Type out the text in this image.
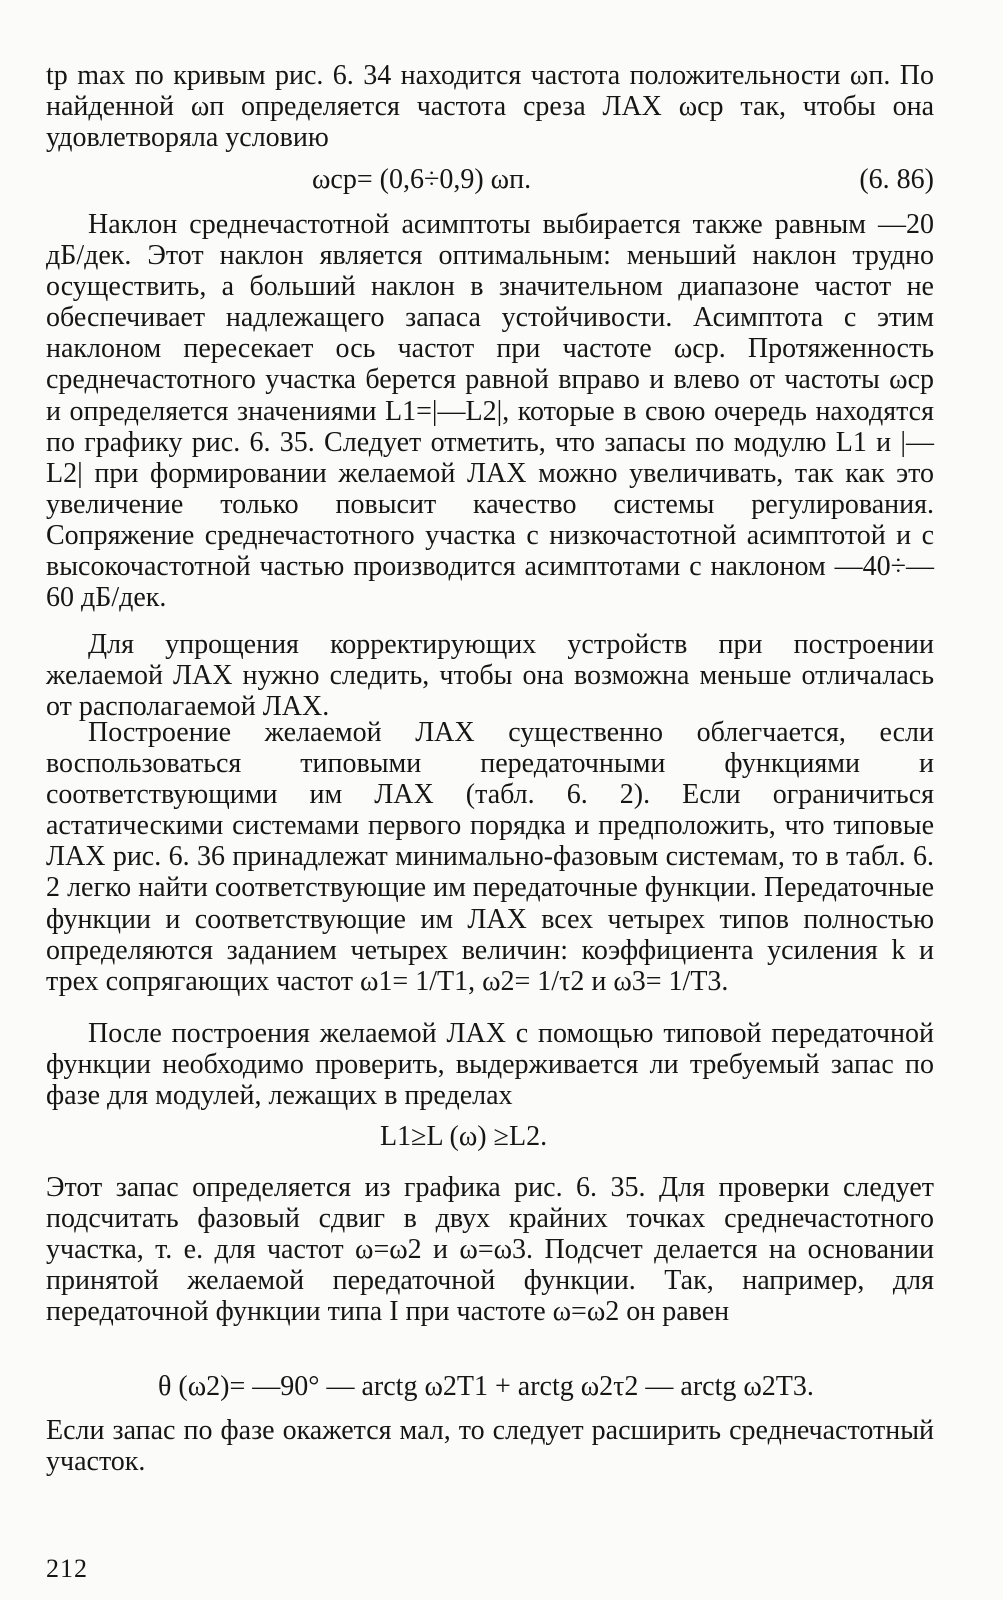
tр max по кривым рис. 6. 34 находится частота положительности ωп. По найденной ωп определяется частота среза ЛАХ ωср так, чтобы она удовлетворяла условию

ωср= (0,6÷0,9) ωп.	(6. 86)

Наклон среднечастотной асимптоты выбирается также равным —20 дБ/дек. Этот наклон является оптимальным: меньший наклон трудно осуществить, а больший наклон в значительном диапазоне частот не обеспечивает надлежащего запаса устойчивости. Асимптота с этим наклоном пересекает ось частот при частоте ωср. Протяженность среднечастотного участка берется равной вправо и влево от частоты ωср и определяется значениями L1=|—L2|, которые в свою очередь находятся по графику рис. 6. 35. Следует отметить, что запасы по модулю L1 и |—L2| при формировании желаемой ЛАХ можно увеличивать, так как это увеличение только повысит качество системы регулирования. Сопряжение среднечастотного участка с низкочастотной асимптотой и с высокочастотной частью производится асимптотами с наклоном —40÷—60 дБ/дек.

Для упрощения корректирующих устройств при построении желаемой ЛАХ нужно следить, чтобы она возможна меньше отличалась от располагаемой ЛАХ.

Построение желаемой ЛАХ существенно облегчается, если воспользоваться типовыми передаточными функциями и соответствующими им ЛАХ (табл. 6. 2). Если ограничиться астатическими системами первого порядка и предположить, что типовые ЛАХ рис. 6. 36 принадлежат минимально-фазовым системам, то в табл. 6. 2 легко найти соответствующие им передаточные функции. Передаточные функции и соответствующие им ЛАХ всех четырех типов полностью определяются заданием четырех величин: коэффициента усиления k и трех сопрягающих частот ω1= 1/T1, ω2= 1/τ2 и ω3= 1/T3.

После построения желаемой ЛАХ с помощью типовой передаточной функции необходимо проверить, выдерживается ли требуемый запас по фазе для модулей, лежащих в пределах

L1≥L (ω) ≥L2.

Этот запас определяется из графика рис. 6. 35. Для проверки следует подсчитать фазовый сдвиг в двух крайних точках среднечастотного участка, т. е. для частот ω=ω2 и ω=ω3. Подсчет делается на основании принятой желаемой передаточной функции. Так, например, для передаточной функции типа I при частоте ω=ω2 он равен

θ (ω2)= —90° — arctg ω2T1 + arctg ω2τ2 — arctg ω2T3.

Если запас по фазе окажется мал, то следует расширить среднечастотный участок.

212
